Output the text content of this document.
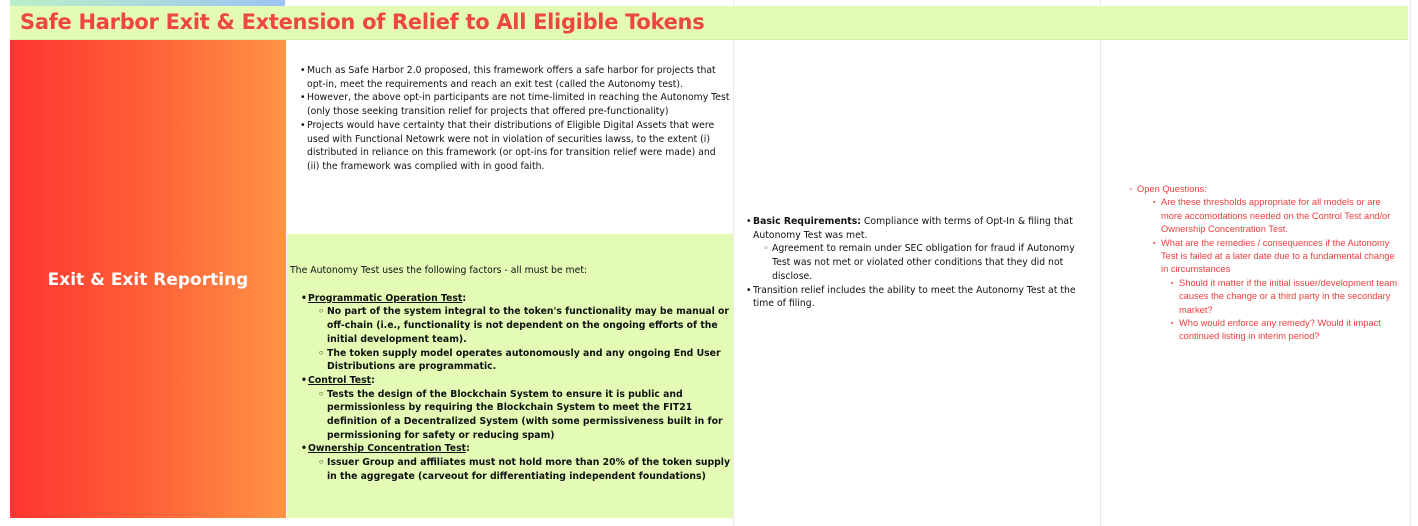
Safe Harbor Exit & Extension of Relief to All Eligible Tokens
Exit & Exit Reporting
• Much as Safe Harbor 2.0 proposed, this framework offers a safe harbor for projects that opt-in, meet the requirements and reach an exit test (called the Autonomy test).
• However, the above opt-in participants are not time-limited in reaching the Autonomy Test (only those seeking transition relief for projects that offered pre-functionality)
• Projects would have certainty that their distributions of Eligible Digital Assets that were used with Functional Netowrk were not in violation of securities lawss, to the extent (i) distributed in reliance on this framework (or opt-ins for transition relief were made) and (ii) the framework was complied with in good faith.

The Autonomy Test uses the following factors - all must be met:

• Programmatic Operation Test:
◦ No part of the system integral to the token's functionality may be manual or off-chain (i.e., functionality is not dependent on the ongoing efforts of the initial development team).
◦ The token supply model operates autonomously and any ongoing End User Distributions are programmatic.
• Control Test:
◦ Tests the design of the Blockchain System to ensure it is public and permissionless by requiring the Blockchain System to meet the FIT21 definition of a Decentralized System (with some permissiveness built in for permissioning for safety or reducing spam)
• Ownership Concentration Test:
◦ Issuer Group and affiliates must not hold more than 20% of the token supply in the aggregate (carveout for differentiating independent foundations)
• Basic Requirements: Compliance with terms of Opt-In & filing that Autonomy Test was met.
◦ Agreement to remain under SEC obligation for fraud if Autonomy Test was not met or violated other conditions that they did not disclose.
• Transition relief includes the ability to meet the Autonomy Test at the time of filing.
◦ Open Questions:
▪ Are these thresholds appropriate for all models or are more accomodations needed on the Control Test and/or Ownership Concentration Test.
▪ What are the remedies / consequences if the Autonomy Test is failed at a later date due to a fundamental change in circumstances
▪ Should it matter if the initial issuer/development team causes the change or a third party in the secondary market?
▪ Who would enforce any remedy? Would it impact continued listing in interim period?
